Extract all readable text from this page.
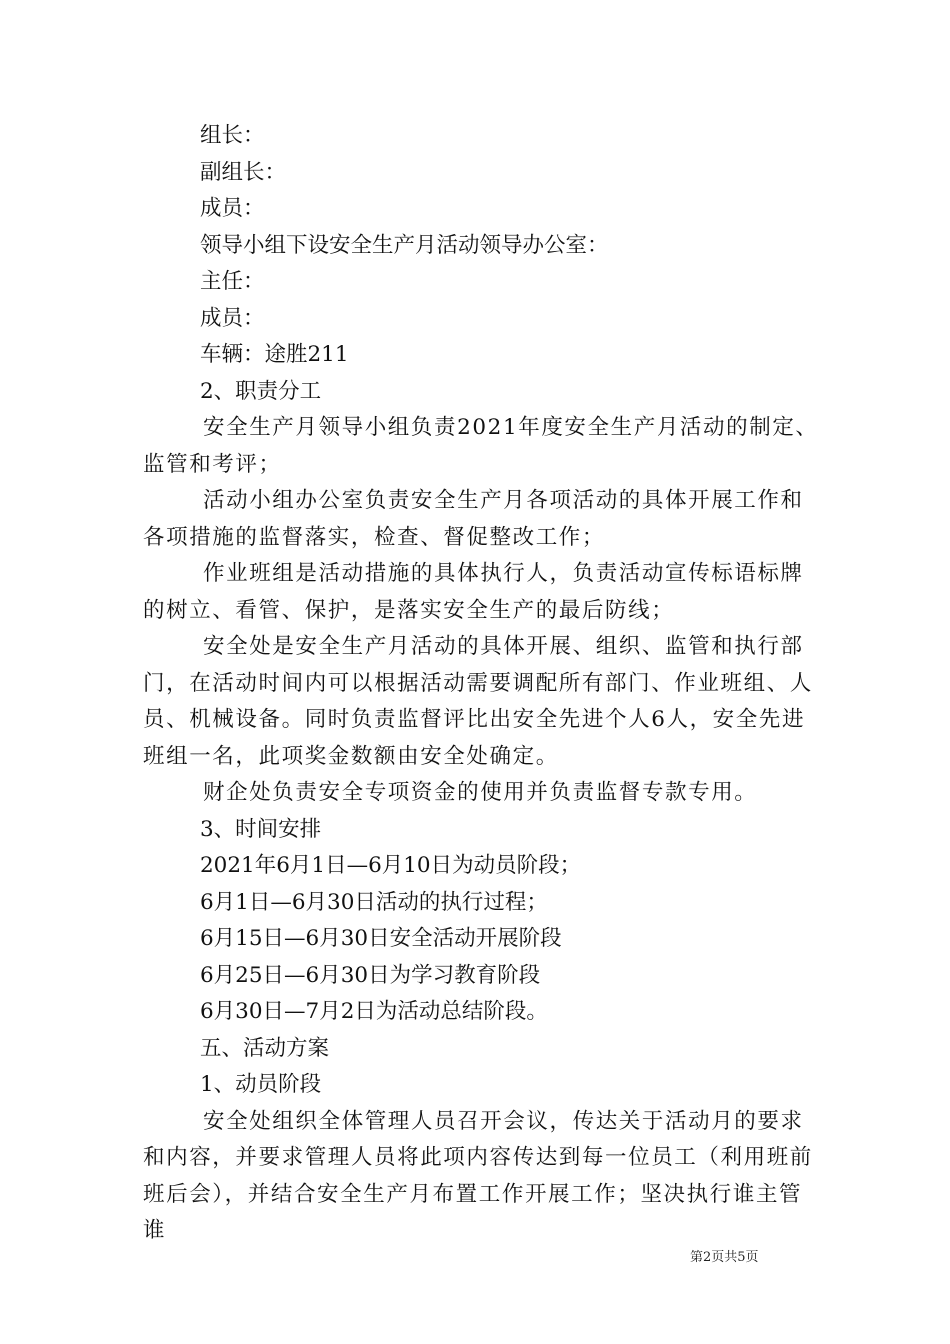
组长：

副组长：

成员：

领导小组下设安全生产月活动领导办公室：

主任：

成员：

车辆：途胜211

2、职责分工

安全生产月领导小组负责2021年度安全生产月活动的制定、监管和考评；

活动小组办公室负责安全生产月各项活动的具体开展工作和各项措施的监督落实，检查、督促整改工作；

作业班组是活动措施的具体执行人，负责活动宣传标语标牌的树立、看管、保护，是落实安全生产的最后防线；

安全处是安全生产月活动的具体开展、组织、监管和执行部门，在活动时间内可以根据活动需要调配所有部门、作业班组、人员、机械设备。同时负责监督评比出安全先进个人6人，安全先进班组一名，此项奖金数额由安全处确定。

财企处负责安全专项资金的使用并负责监督专款专用。

3、时间安排

2021年6月1日—6月10日为动员阶段；

6月1日—6月30日活动的执行过程；

6月15日—6月30日安全活动开展阶段

6月25日—6月30日为学习教育阶段

6月30日—7月2日为活动总结阶段。

五、活动方案

1、动员阶段

安全处组织全体管理人员召开会议，传达关于活动月的要求和内容，并要求管理人员将此项内容传达到每一位员工（利用班前班后会），并结合安全生产月布置工作开展工作；坚决执行谁主管谁

第2页共5页
